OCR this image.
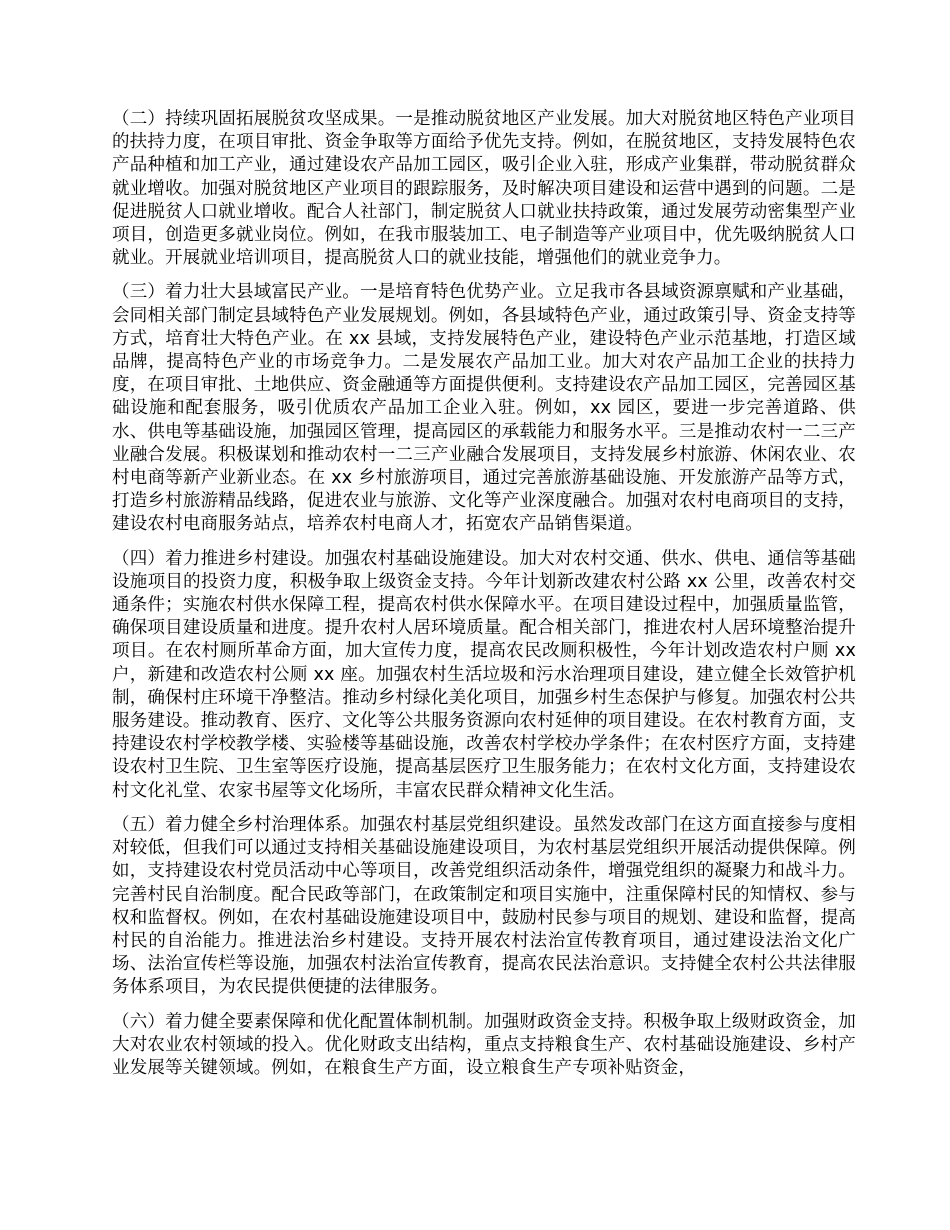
（二）持续巩固拓展脱贫攻坚成果。一是推动脱贫地区产业发展。加大对脱贫地区特色产业项目的扶持力度，在项目审批、资金争取等方面给予优先支持。例如，在脱贫地区，支持发展特色农产品种植和加工产业，通过建设农产品加工园区，吸引企业入驻，形成产业集群，带动脱贫群众就业增收。加强对脱贫地区产业项目的跟踪服务，及时解决项目建设和运营中遇到的问题。二是促进脱贫人口就业增收。配合人社部门，制定脱贫人口就业扶持政策，通过发展劳动密集型产业项目，创造更多就业岗位。例如，在我市服装加工、电子制造等产业项目中，优先吸纳脱贫人口就业。开展就业培训项目，提高脱贫人口的就业技能，增强他们的就业竞争力。

（三）着力壮大县域富民产业。一是培育特色优势产业。立足我市各县域资源禀赋和产业基础，会同相关部门制定县域特色产业发展规划。例如，各县域特色产业，通过政策引导、资金支持等方式，培育壮大特色产业。在 xx 县域，支持发展特色产业，建设特色产业示范基地，打造区域品牌，提高特色产业的市场竞争力。二是发展农产品加工业。加大对农产品加工企业的扶持力度，在项目审批、土地供应、资金融通等方面提供便利。支持建设农产品加工园区，完善园区基础设施和配套服务，吸引优质农产品加工企业入驻。例如，xx 园区，要进一步完善道路、供水、供电等基础设施，加强园区管理，提高园区的承载能力和服务水平。三是推动农村一二三产业融合发展。积极谋划和推动农村一二三产业融合发展项目，支持发展乡村旅游、休闲农业、农村电商等新产业新业态。在 xx 乡村旅游项目，通过完善旅游基础设施、开发旅游产品等方式，打造乡村旅游精品线路，促进农业与旅游、文化等产业深度融合。加强对农村电商项目的支持，建设农村电商服务站点，培养农村电商人才，拓宽农产品销售渠道。

（四）着力推进乡村建设。加强农村基础设施建设。加大对农村交通、供水、供电、通信等基础设施项目的投资力度，积极争取上级资金支持。今年计划新改建农村公路 xx 公里，改善农村交通条件；实施农村供水保障工程，提高农村供水保障水平。在项目建设过程中，加强质量监管，确保项目建设质量和进度。提升农村人居环境质量。配合相关部门，推进农村人居环境整治提升项目。在农村厕所革命方面，加大宣传力度，提高农民改厕积极性，今年计划改造农村户厕 xx 户，新建和改造农村公厕 xx 座。加强农村生活垃圾和污水治理项目建设，建立健全长效管护机制，确保村庄环境干净整洁。推动乡村绿化美化项目，加强乡村生态保护与修复。加强农村公共服务建设。推动教育、医疗、文化等公共服务资源向农村延伸的项目建设。在农村教育方面，支持建设农村学校教学楼、实验楼等基础设施，改善农村学校办学条件；在农村医疗方面，支持建设农村卫生院、卫生室等医疗设施，提高基层医疗卫生服务能力；在农村文化方面，支持建设农村文化礼堂、农家书屋等文化场所，丰富农民群众精神文化生活。

（五）着力健全乡村治理体系。加强农村基层党组织建设。虽然发改部门在这方面直接参与度相对较低，但我们可以通过支持相关基础设施建设项目，为农村基层党组织开展活动提供保障。例如，支持建设农村党员活动中心等项目，改善党组织活动条件，增强党组织的凝聚力和战斗力。完善村民自治制度。配合民政等部门，在政策制定和项目实施中，注重保障村民的知情权、参与权和监督权。例如，在农村基础设施建设项目中，鼓励村民参与项目的规划、建设和监督，提高村民的自治能力。推进法治乡村建设。支持开展农村法治宣传教育项目，通过建设法治文化广场、法治宣传栏等设施，加强农村法治宣传教育，提高农民法治意识。支持健全农村公共法律服务体系项目，为农民提供便捷的法律服务。

（六）着力健全要素保障和优化配置体制机制。加强财政资金支持。积极争取上级财政资金，加大对农业农村领域的投入。优化财政支出结构，重点支持粮食生产、农村基础设施建设、乡村产业发展等关键领域。例如，在粮食生产方面，设立粮食生产专项补贴资金，
